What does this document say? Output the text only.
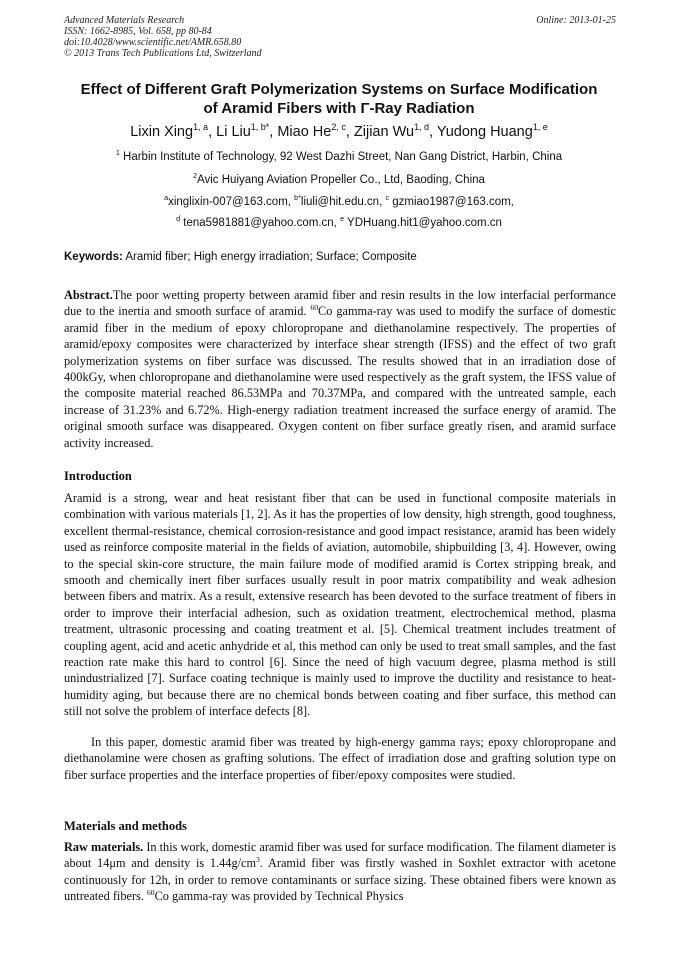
Advanced Materials Research
ISSN: 1662-8985, Vol. 658, pp 80-84
doi:10.4028/www.scientific.net/AMR.658.80
© 2013 Trans Tech Publications Ltd, Switzerland
Online: 2013-01-25
Effect of Different Graft Polymerization Systems on Surface Modification
of Aramid Fibers with Γ-Ray Radiation
Lixin Xing$^{1, a}$, Li Liu$^{1, b*}$, Miao He$^{2, c}$, Zijian Wu$^{1, d}$, Yudong Huang$^{1, e}$
$^1$ Harbin Institute of Technology, 92 West Dazhi Street, Nan Gang District, Harbin, China
$^2$Avic Huiyang Aviation Propeller Co., Ltd, Baoding, China
$^a$xinglixin-007@163.com, $^{b*}$liuli@hit.edu.cn, $^c$ gzmiao1987@163.com,
$^d$ tena5981881@yahoo.com.cn, $^e$ YDHuang.hit1@yahoo.com.cn
Keywords: Aramid fiber; High energy irradiation; Surface; Composite
Abstract.The poor wetting property between aramid fiber and resin results in the low interfacial performance due to the inertia and smooth surface of aramid. $^{60}$Co gamma-ray was used to modify the surface of domestic aramid fiber in the medium of epoxy chloropropane and diethanolamine respectively. The properties of aramid/epoxy composites were characterized by interface shear strength (IFSS) and the effect of two graft polymerization systems on fiber surface was discussed. The results showed that in an irradiation dose of 400kGy, when chloropropane and diethanolamine were used respectively as the graft system, the IFSS value of the composite material reached 86.53MPa and 70.37MPa, and compared with the untreated sample, each increase of 31.23% and 6.72%. High-energy radiation treatment increased the surface energy of aramid. The original smooth surface was disappeared. Oxygen content on fiber surface greatly risen, and aramid surface activity increased.
Introduction
Aramid is a strong, wear and heat resistant fiber that can be used in functional composite materials in combination with various materials [1, 2]. As it has the properties of low density, high strength, good toughness, excellent thermal-resistance, chemical corrosion-resistance and good impact resistance, aramid has been widely used as reinforce composite material in the fields of aviation, automobile, shipbuilding [3, 4]. However, owing to the special skin-core structure, the main failure mode of modified aramid is Cortex stripping break, and smooth and chemically inert fiber surfaces usually result in poor matrix compatibility and weak adhesion between fibers and matrix. As a result, extensive research has been devoted to the surface treatment of fibers in order to improve their interfacial adhesion, such as oxidation treatment, electrochemical method, plasma treatment, ultrasonic processing and coating treatment et al. [5]. Chemical treatment includes treatment of coupling agent, acid and acetic anhydride et al, this method can only be used to treat small samples, and the fast reaction rate make this hard to control [6]. Since the need of high vacuum degree, plasma method is still unindustrialized [7]. Surface coating technique is mainly used to improve the ductility and resistance to heat-humidity aging, but because there are no chemical bonds between coating and fiber surface, this method can still not solve the problem of interface defects [8].
In this paper, domestic aramid fiber was treated by high-energy gamma rays; epoxy chloropropane and diethanolamine were chosen as grafting solutions. The effect of irradiation dose and grafting solution type on fiber surface properties and the interface properties of fiber/epoxy composites were studied.
Materials and methods
Raw materials. In this work, domestic aramid fiber was used for surface modification. The filament diameter is about 14μm and density is $1.44g/cm^3$. Aramid fiber was firstly washed in Soxhlet extractor with acetone continuously for 12h, in order to remove contaminants or surface sizing. These obtained fibers were known as untreated fibers. $^{60}$Co gamma-ray was provided by Technical Physics
